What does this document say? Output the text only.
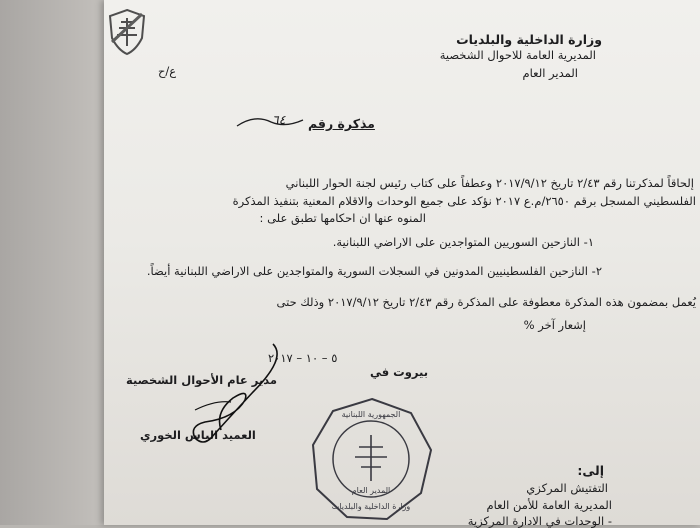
وزارة الداخلية والبلديات
المديرية العامة للاحوال الشخصية
المدير العام
ع/ح
مذكرة رقم
٦٤
إلحاقاً لمذكرتنا رقم ٢/٤٣ تاريخ ٢٠١٧/٩/١٢ وعطفاً على كتاب رئيس لجنة الحوار اللبناني
الفلسطيني المسجل برقم ٢٦٥٠/م.ع ٢٠١٧ نؤكد على جميع الوحدات والاقلام المعنية بتنفيذ المذكرة
المنوه عنها ان احكامها تطبق على :
١- النازحين السوريين المتواجدين على الاراضي اللبنانية.
٢- النازحين الفلسطينيين المدونين في السجلات السورية والمتواجدين على الاراضي اللبنانية أيضاً.
يُعمل بمضمون هذه المذكرة معطوفة على المذكرة رقم ٢/٤٣ تاريخ ٢٠١٧/٩/١٢ وذلك حتى
إشعار آخر %
بيروت في
٥ – ١٠ – ٢٠١٧
مدير عام الأحوال الشخصية
العميد الياس الخوري
الجمهورية اللبنانية
المدير العام
وزارة الداخلية والبلديات
إلى:
التفتيش المركزي
المديرية العامة للأمن العام
- الوحدات في الادارة المركزية
